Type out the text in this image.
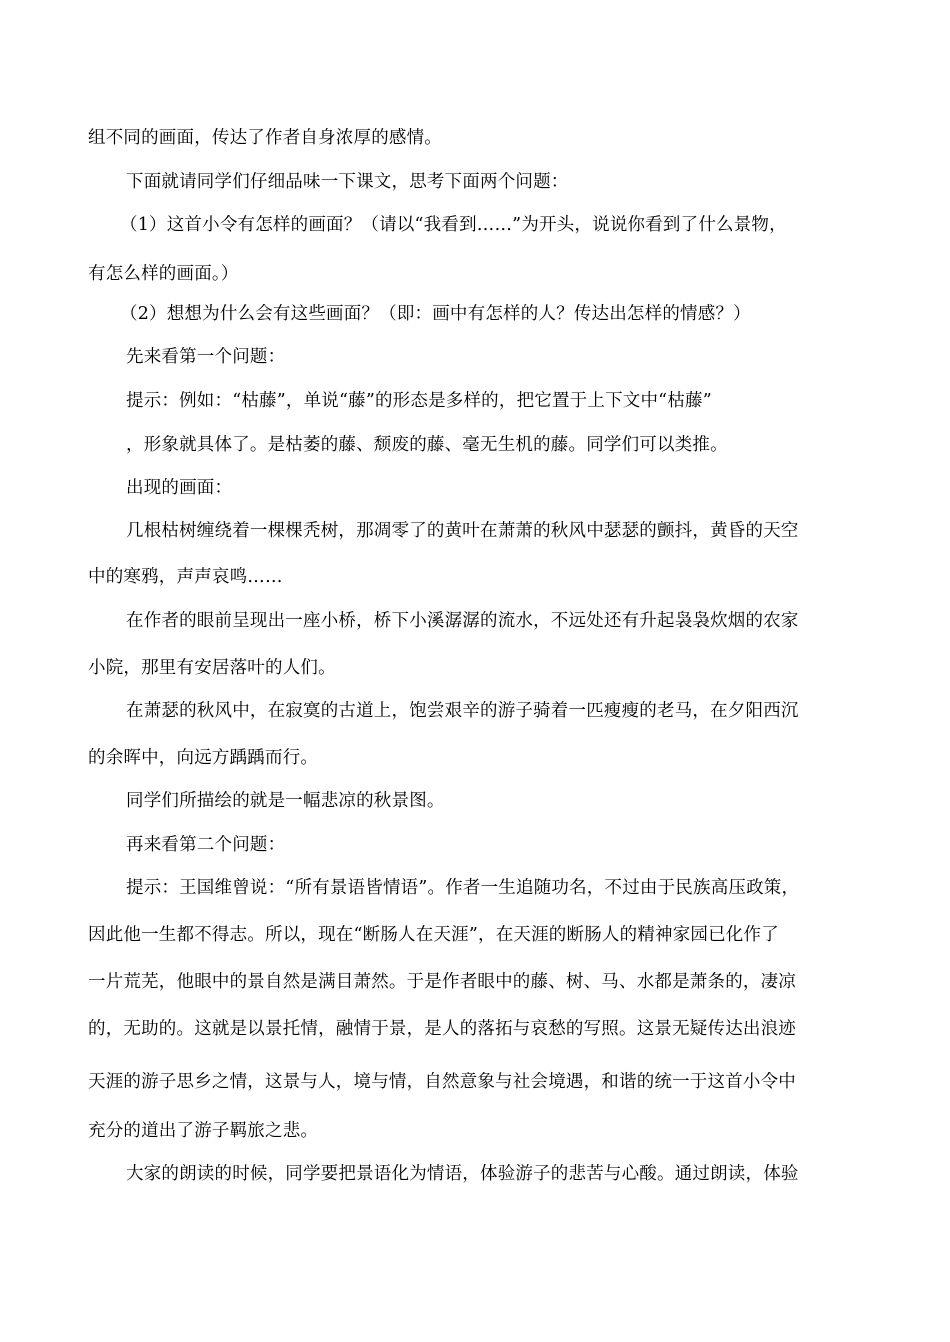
组不同的画面，传达了作者自身浓厚的感情。
下面就请同学们仔细品味一下课文，思考下面两个问题：
（1）这首小令有怎样的画面？（请以“我看到……”为开头，说说你看到了什么景物，
有怎么样的画面。）
（2）想想为什么会有这些画面？（即：画中有怎样的人？传达出怎样的情感？）
先来看第一个问题：
提示：例如：“枯藤”，单说“藤”的形态是多样的，把它置于上下文中“枯藤”
，形象就具体了。是枯萎的藤、颓废的藤、毫无生机的藤。同学们可以类推。
出现的画面：
几根枯树缠绕着一棵棵秃树，那凋零了的黄叶在萧萧的秋风中瑟瑟的颤抖，黄昏的天空
中的寒鸦，声声哀鸣……
在作者的眼前呈现出一座小桥，桥下小溪潺潺的流水，不远处还有升起袅袅炊烟的农家
小院，那里有安居落叶的人们。
在萧瑟的秋风中，在寂寞的古道上，饱尝艰辛的游子骑着一匹瘦瘦的老马，在夕阳西沉
的余晖中，向远方踽踽而行。
同学们所描绘的就是一幅悲凉的秋景图。
再来看第二个问题：
提示：王国维曾说：“所有景语皆情语”。作者一生追随功名，不过由于民族高压政策，
因此他一生都不得志。所以，现在“断肠人在天涯”，在天涯的断肠人的精神家园已化作了
一片荒芜，他眼中的景自然是满目萧然。于是作者眼中的藤、树、马、水都是萧条的，凄凉
的，无助的。这就是以景托情，融情于景，是人的落拓与哀愁的写照。这景无疑传达出浪迹
天涯的游子思乡之情，这景与人，境与情，自然意象与社会境遇，和谐的统一于这首小令中
充分的道出了游子羁旅之悲。
大家的朗读的时候，同学要把景语化为情语，体验游子的悲苦与心酸。通过朗读，体验
